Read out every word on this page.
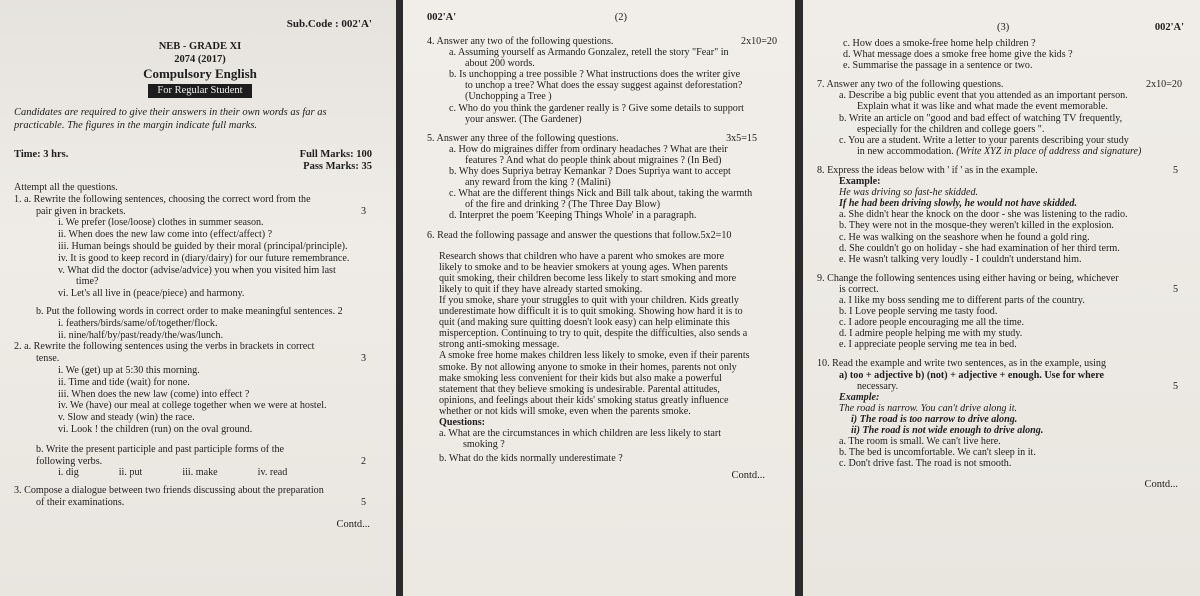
Sub.Code : 002'A'
NEB - GRADE XI
2074 (2017)
Compulsory English
For Regular Student
Candidates are required to give their answers in their own words as far as
practicable. The figures in the margin indicate full marks.
Time: 3 hrs.	Full Marks: 100
Pass Marks: 35
Attempt all the questions.
1. a. Rewrite the following sentences, choosing the correct word from the
pair given in brackets.	3
i. We prefer (lose/loose) clothes in summer season.
ii. When does the new law come into (effect/affect) ?
iii. Human beings should be guided by their moral (principal/principle).
iv. It is good to keep record in (diary/dairy) for our future remembrance.
v. What did the doctor (advise/advice) you when you visited him last
time?
vi. Let's all live in (peace/piece) and harmony.
b. Put the following words in correct order to make meaningful sentences. 2
i. feathers/birds/same/of/together/flock.
ii. nine/half/by/past/ready/the/was/lunch.
2. a. Rewrite the following sentences using the verbs in brackets in correct
tense.	3
i. We (get) up at 5:30 this morning.
ii. Time and tide (wait) for none.
iii. When does the new law (come) into effect ?
iv. We (have) our meal at college together when we were at hostel.
v. Slow and steady (win) the race.
vi. Look ! the children (run) on the oval ground.
b. Write the present participle and past participle forms of the
following verbs.	2
i. dig	ii. put	iii. make	iv. read
3. Compose a dialogue between two friends discussing about the preparation
of their examinations.	5
Contd...
002'A'	(2)
4. Answer any two of the following questions.	2x10=20
a. Assuming yourself as Armando Gonzalez, retell the story "Fear" in
about 200 words.
b. Is unchopping a tree possible ? What instructions does the writer give
to unchop a tree? What does the essay suggest against deforestation?
(Unchopping a Tree )
c. Who do you think the gardener really is ? Give some details to support
your answer. (The Gardener)
5. Answer any three of the following questions.	3x5=15
a. How do migraines differ from ordinary headaches ? What are their
features ? And what do people think about migraines ? (In Bed)
b. Why does Supriya betray Kemankar ? Does Supriya want to accept
any reward from the king ? (Malini)
c. What are the different things Nick and Bill talk about, taking the warmth
of the fire and drinking ? (The Three Day Blow)
d. Interpret the poem 'Keeping Things Whole' in a paragraph.
6. Read the following passage and answer the questions that follow.5x2=10
Research shows that children who have a parent who smokes are more
likely to smoke and to be heavier smokers at young ages. When parents
quit smoking, their children become less likely to start smoking and more
likely to quit if they have already started smoking.
If you smoke, share your struggles to quit with your children. Kids greatly
underestimate how difficult it is to quit smoking. Showing how hard it is to
quit (and making sure quitting doesn't look easy) can help eliminate this
misperception. Continuing to try to quit, despite the difficulties, also sends a
strong anti-smoking message.
A smoke free home makes children less likely to smoke, even if their parents
smoke. By not allowing anyone to smoke in their homes, parents not only
make smoking less convenient for their kids but also make a powerful
statement that they believe smoking is undesirable. Parental attitudes,
opinions, and feelings about their kids' smoking status greatly influence
whether or not kids will smoke, even when the parents smoke.
Questions:
a. What are the circumstances in which children are less likely to start
smoking ?
b. What do the kids normally underestimate ?
Contd...
(3)	002'A'
c. How does a smoke-free home help children ?
d. What message does a smoke free home give the kids ?
e. Summarise the passage in a sentence or two.
7. Answer any two of the following questions.	2x10=20
a. Describe a big public event that you attended as an important person.
Explain what it was like and what made the event memorable.
b. Write an article on "good and bad effect of watching TV frequently,
especially for the children and college goers ".
c. You are a student. Write a letter to your parents describing your study
in new accommodation. (Write XYZ in place of address and signature)
8. Express the ideas below with ' if ' as in the example.	5
Example:
He was driving so fast-he skidded.
If he had been driving slowly, he would not have skidded.
a. She didn't hear the knock on the door - she was listening to the radio.
b. They were not in the mosque-they weren't killed in the explosion.
c. He was walking on the seashore when he found a gold ring.
d. She couldn't go on holiday - she had examination of her third term.
e. He wasn't talking very loudly - I couldn't understand him.
9. Change the following sentences using either having or being, whichever
is correct.	5
a. I like my boss sending me to different parts of the country.
b. I Love people serving me tasty food.
c. I adore people encouraging me all the time.
d. I admire people helping me with my study.
e. I appreciate people serving me tea in bed.
10. Read the example and write two sentences, as in the example, using
a) too + adjective b) (not) + adjective + enough. Use for where
necessary.	5
Example:
The road is narrow. You can't drive along it.
i) The road is too narrow to drive along.
ii) The road is not wide enough to drive along.
a. The room is small. We can't live here.
b. The bed is uncomfortable. We can't sleep in it.
c. Don't drive fast. The road is not smooth.
Contd...
